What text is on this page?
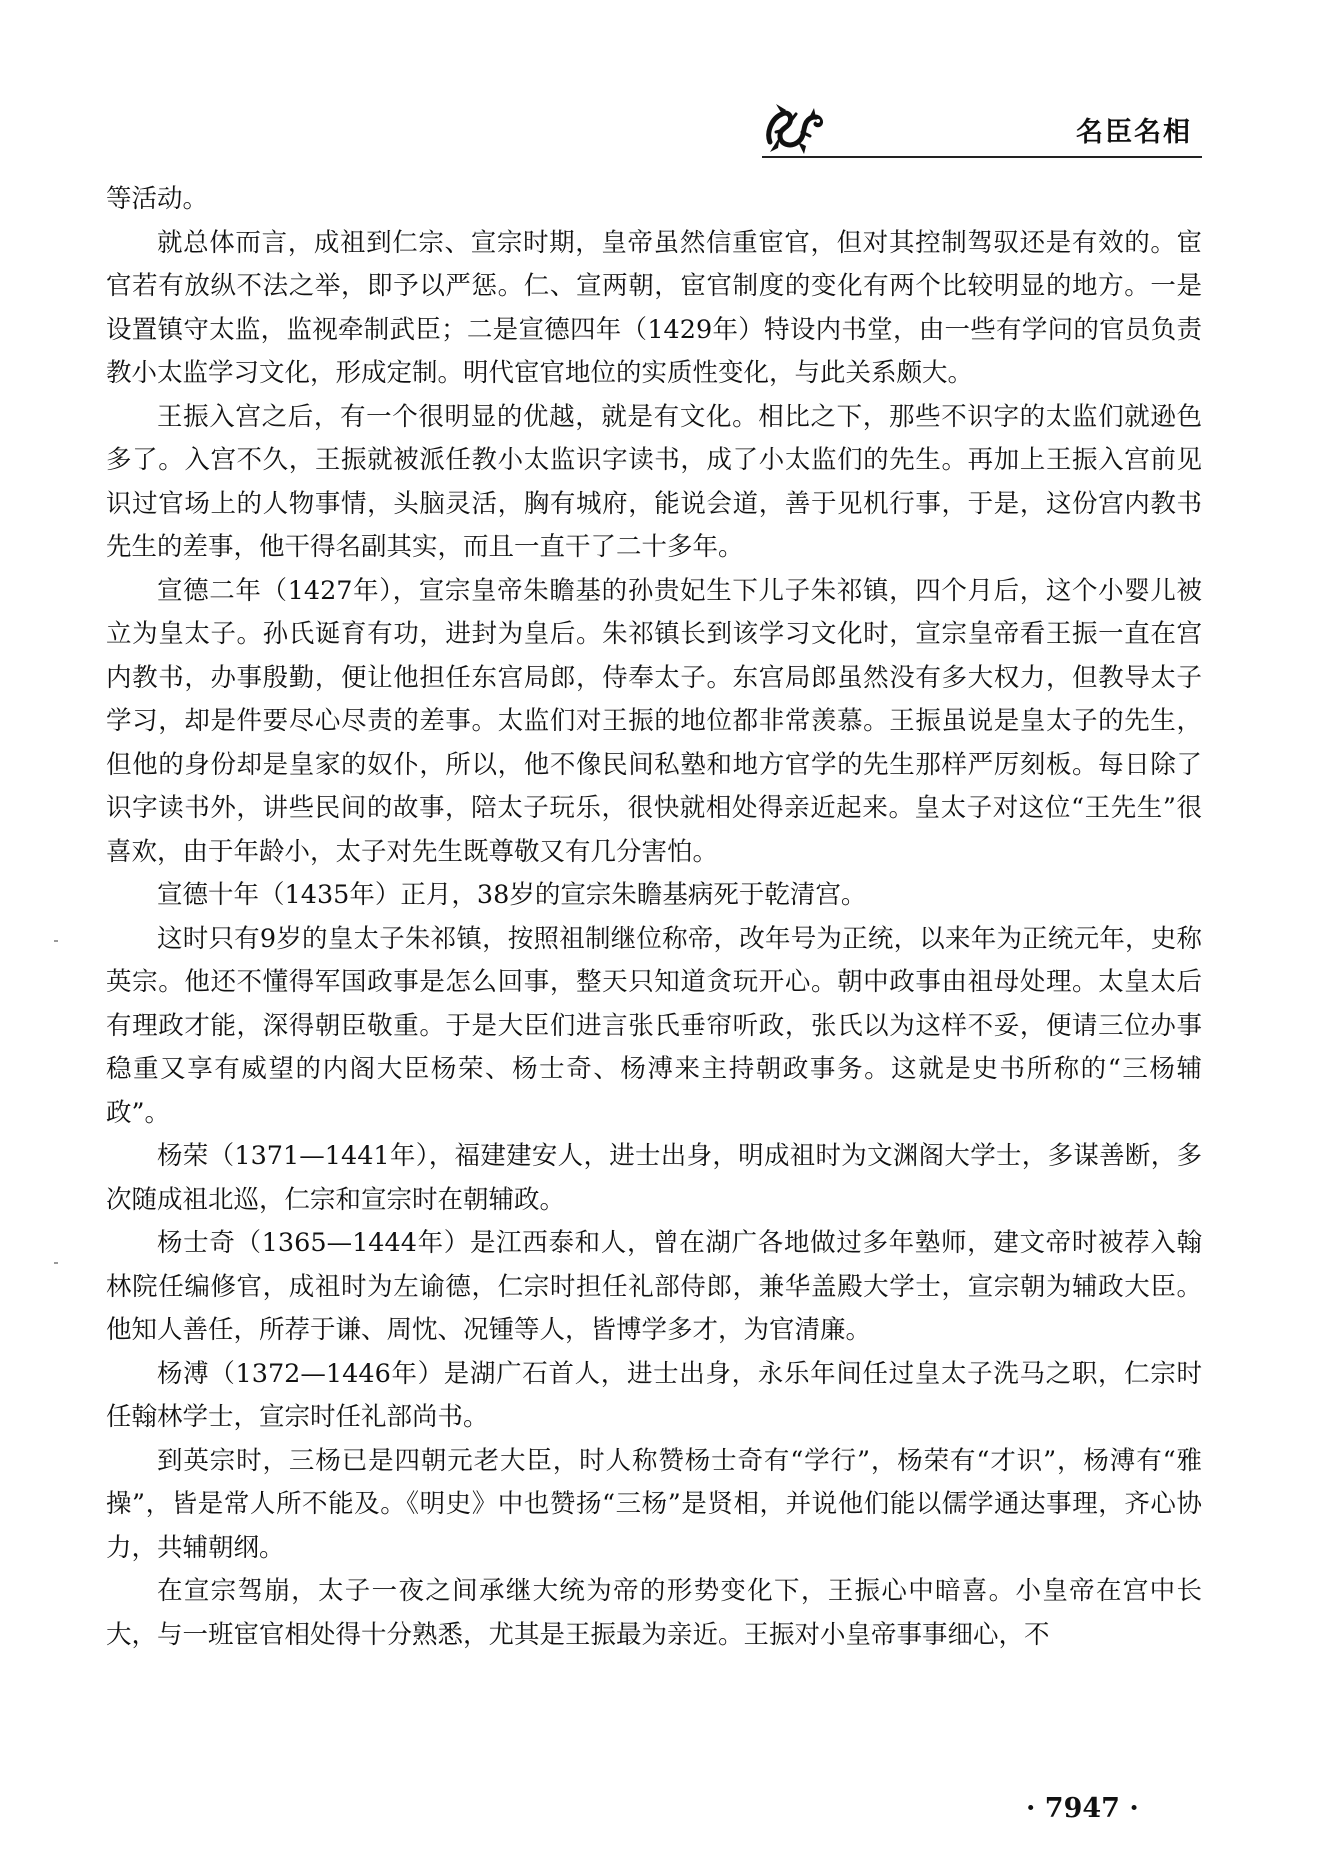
名臣名相

等活动。

就总体而言，成祖到仁宗、宣宗时期，皇帝虽然信重宦官，但对其控制驾驭还是有效的。宦官若有放纵不法之举，即予以严惩。仁、宣两朝，宦官制度的变化有两个比较明显的地方。一是设置镇守太监，监视牵制武臣；二是宣德四年（1429年）特设内书堂，由一些有学问的官员负责教小太监学习文化，形成定制。明代宦官地位的实质性变化，与此关系颇大。

王振入宫之后，有一个很明显的优越，就是有文化。相比之下，那些不识字的太监们就逊色多了。入宫不久，王振就被派任教小太监识字读书，成了小太监们的先生。再加上王振入宫前见识过官场上的人物事情，头脑灵活，胸有城府，能说会道，善于见机行事，于是，这份宫内教书先生的差事，他干得名副其实，而且一直干了二十多年。

宣德二年（1427年），宣宗皇帝朱瞻基的孙贵妃生下儿子朱祁镇，四个月后，这个小婴儿被立为皇太子。孙氏诞育有功，进封为皇后。朱祁镇长到该学习文化时，宣宗皇帝看王振一直在宫内教书，办事殷勤，便让他担任东宫局郎，侍奉太子。东宫局郎虽然没有多大权力，但教导太子学习，却是件要尽心尽责的差事。太监们对王振的地位都非常羡慕。王振虽说是皇太子的先生，但他的身份却是皇家的奴仆，所以，他不像民间私塾和地方官学的先生那样严厉刻板。每日除了识字读书外，讲些民间的故事，陪太子玩乐，很快就相处得亲近起来。皇太子对这位“王先生”很喜欢，由于年龄小，太子对先生既尊敬又有几分害怕。

宣德十年（1435年）正月，38岁的宣宗朱瞻基病死于乾清宫。

这时只有9岁的皇太子朱祁镇，按照祖制继位称帝，改年号为正统，以来年为正统元年，史称英宗。他还不懂得军国政事是怎么回事，整天只知道贪玩开心。朝中政事由祖母处理。太皇太后有理政才能，深得朝臣敬重。于是大臣们进言张氏垂帘听政，张氏以为这样不妥，便请三位办事稳重又享有威望的内阁大臣杨荣、杨士奇、杨溥来主持朝政事务。这就是史书所称的“三杨辅政”。

杨荣（1371—1441年），福建建安人，进士出身，明成祖时为文渊阁大学士，多谋善断，多次随成祖北巡，仁宗和宣宗时在朝辅政。

杨士奇（1365—1444年）是江西泰和人，曾在湖广各地做过多年塾师，建文帝时被荐入翰林院任编修官，成祖时为左谕德，仁宗时担任礼部侍郎，兼华盖殿大学士，宣宗朝为辅政大臣。他知人善任，所荐于谦、周忱、况锺等人，皆博学多才，为官清廉。

杨溥（1372—1446年）是湖广石首人，进士出身，永乐年间任过皇太子洗马之职，仁宗时任翰林学士，宣宗时任礼部尚书。

到英宗时，三杨已是四朝元老大臣，时人称赞杨士奇有“学行”，杨荣有“才识”，杨溥有“雅操”，皆是常人所不能及。《明史》中也赞扬“三杨”是贤相，并说他们能以儒学通达事理，齐心协力，共辅朝纲。

在宣宗驾崩，太子一夜之间承继大统为帝的形势变化下，王振心中暗喜。小皇帝在宫中长大，与一班宦官相处得十分熟悉，尤其是王振最为亲近。王振对小皇帝事事细心，不

· 7947 ·
